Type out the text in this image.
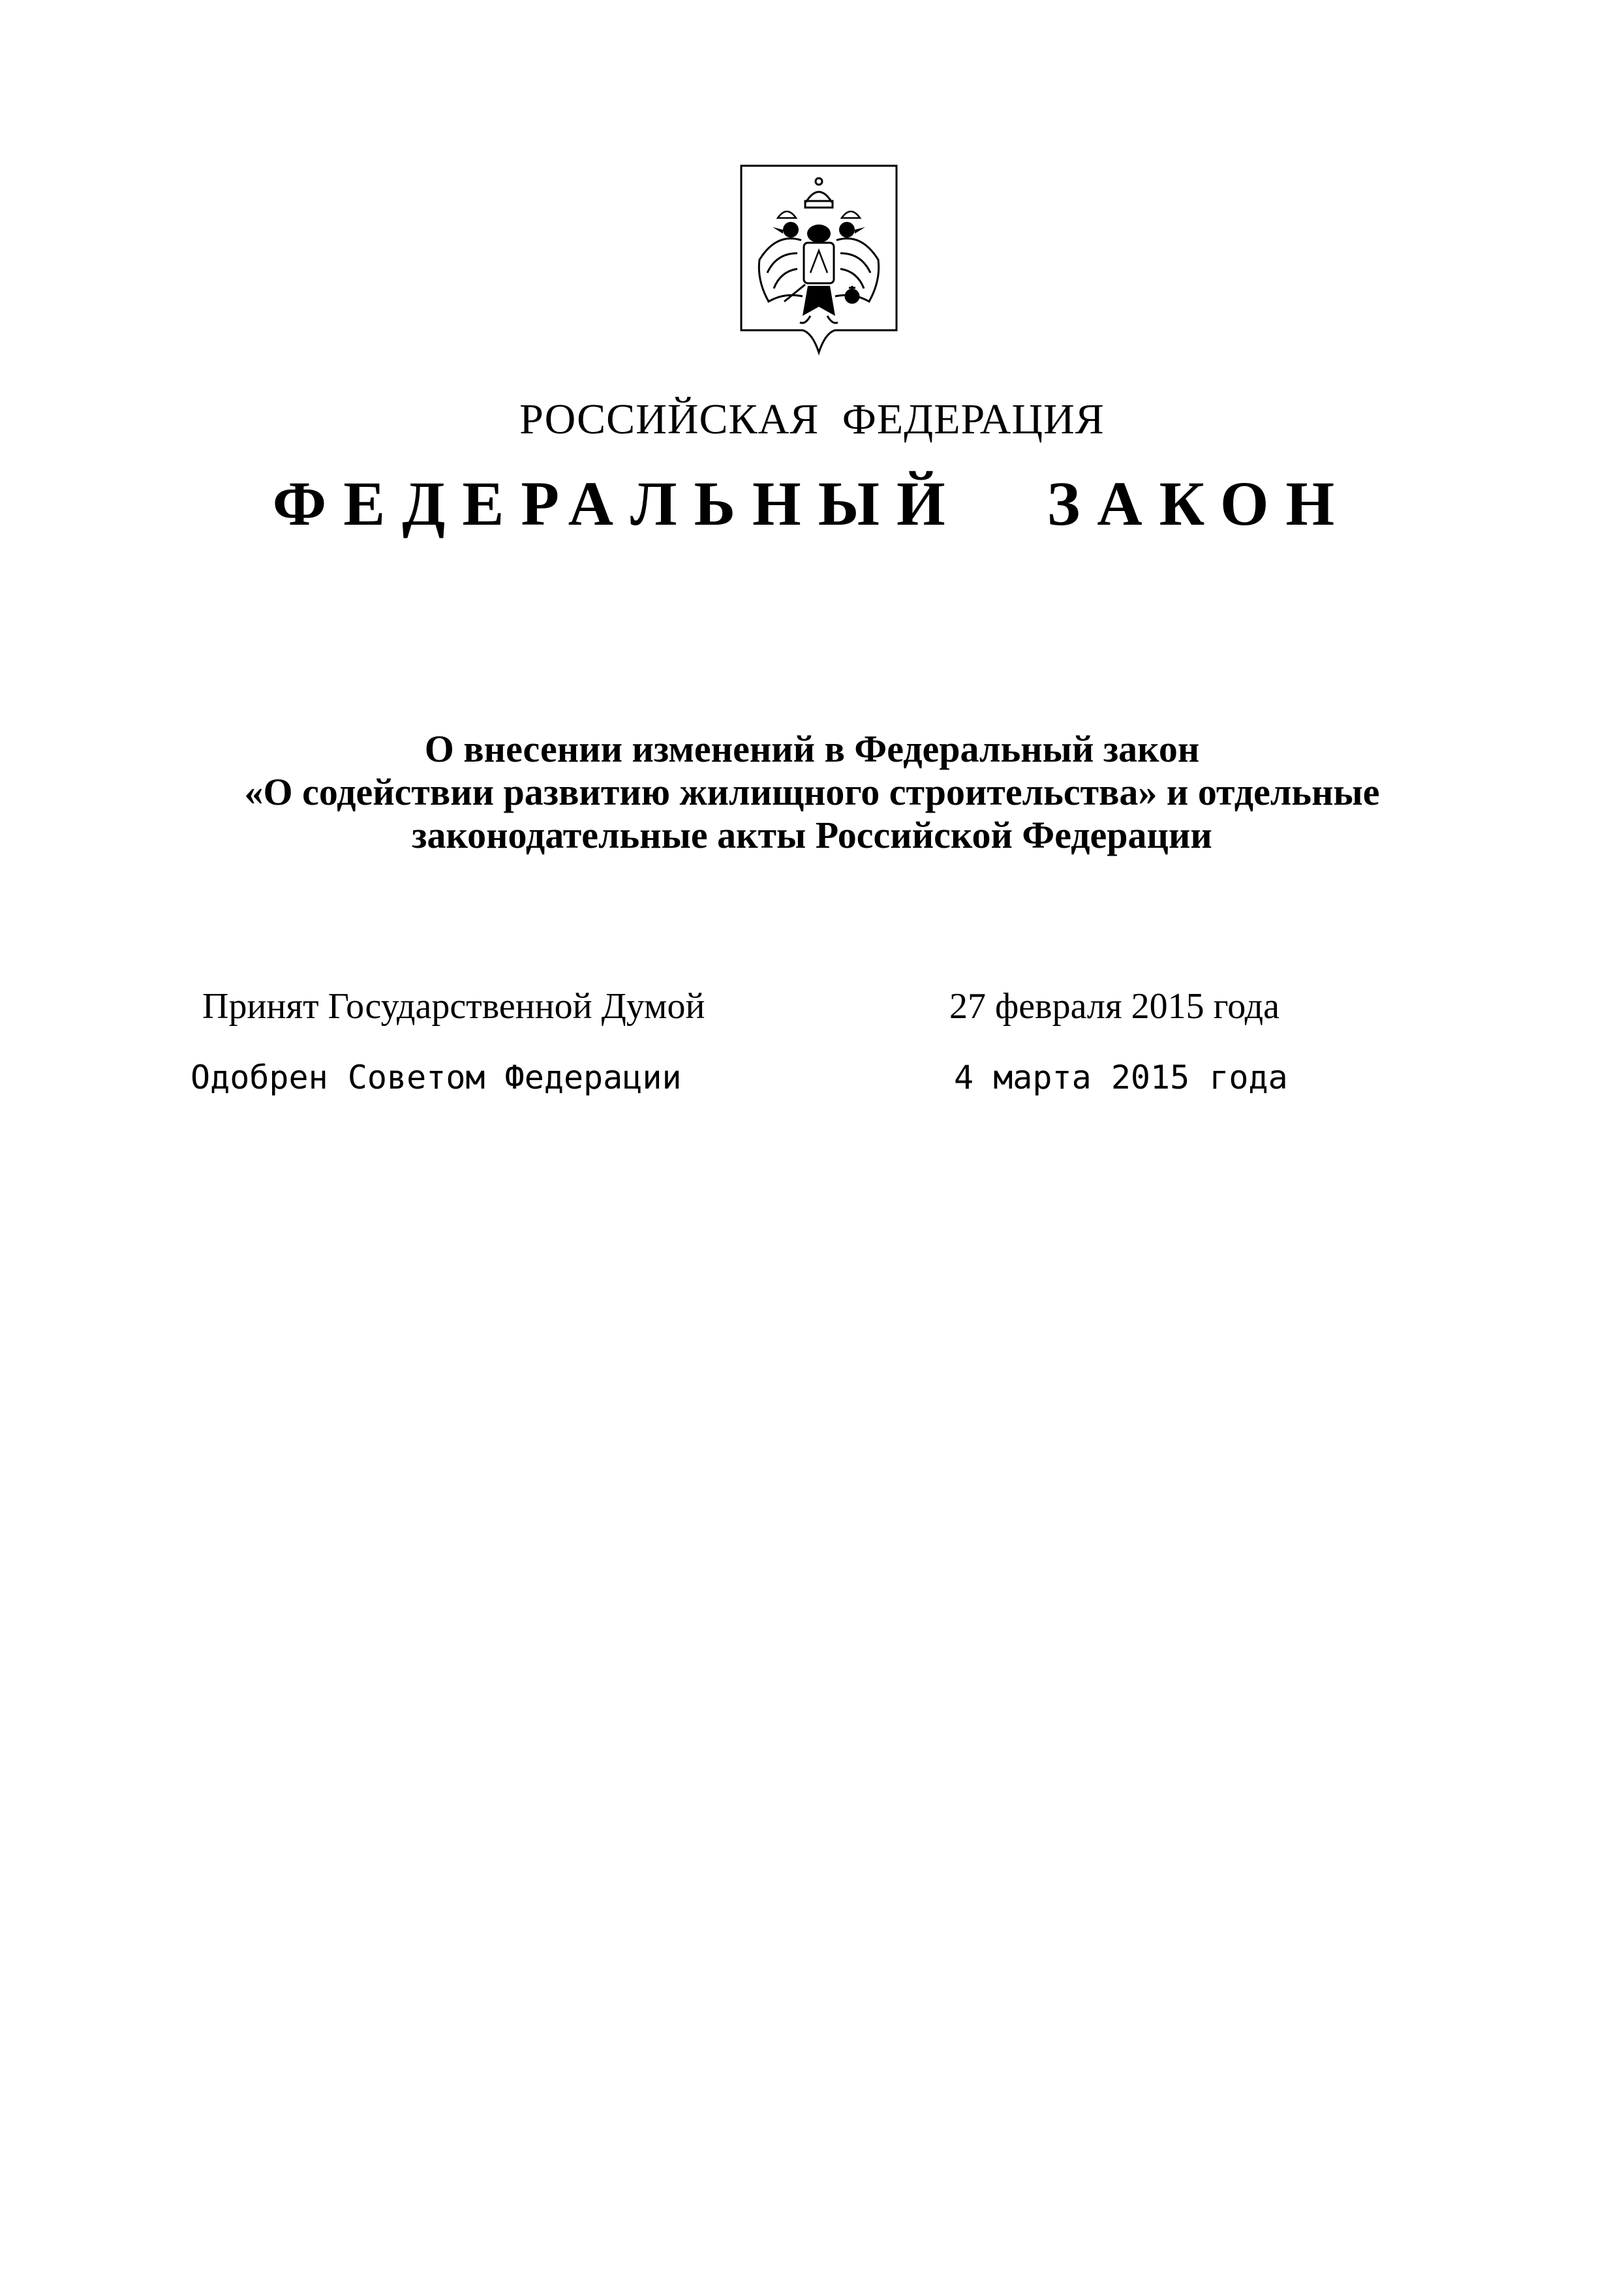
РОССИЙСКАЯ ФЕДЕРАЦИЯ
ФЕДЕРАЛЬНЫЙ ЗАКОН
О внесении изменений в Федеральный закон
«О содействии развитию жилищного строительства» и отдельные
законодательные акты Российской Федерации
Принят Государственной Думой	27 февраля 2015 года
Одобрен Советом Федерации	4 марта 2015 года
